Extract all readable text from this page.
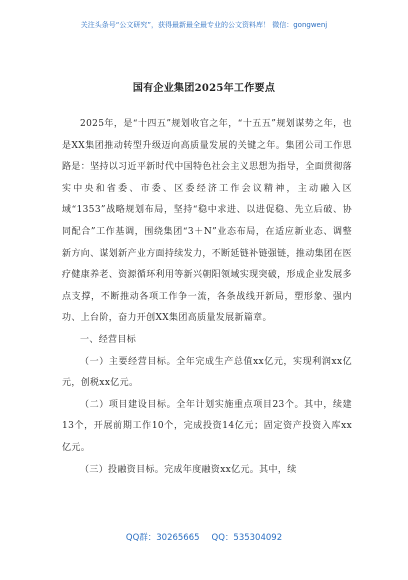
关注头条号“公文研究”，获得最新最全最专业的公文资料库！ 微信：gongwenj
国有企业集团2025年工作要点

2025年，是“十四五”规划收官之年，“十五五”规划谋势之年，也是XX集团推动转型升级迈向高质量发展的关键之年。集团公司工作思路是：坚持以习近平新时代中国特色社会主义思想为指导，全面贯彻落实中央和省委、市委、区委经济工作会议精神，主动融入区域“1353”战略规划布局，坚持“稳中求进、以进促稳、先立后破、协同配合”工作基调，围绕集团“3＋N”业态布局，在适应新业态、调整新方向、谋划新产业方面持续发力，不断延链补链强链，推动集团在医疗健康养老、资源循环利用等新兴朝阳领域实现突破，形成企业发展多点支撑，不断推动各项工作争一流，各条战线开新局，塑形象、强内功、上台阶，奋力开创XX集团高质量发展新篇章。

一、经营目标

（一）主要经营目标。全年完成生产总值xx亿元，实现利润xx亿元，创税xx亿元。

（二）项目建设目标。全年计划实施重点项目23个。其中，续建13个，开展前期工作10个，完成投资14亿元；固定资产投资入库xx亿元。

（三）投融资目标。完成年度融资xx亿元。其中，续

QQ群：30265665 QQ：535304092
